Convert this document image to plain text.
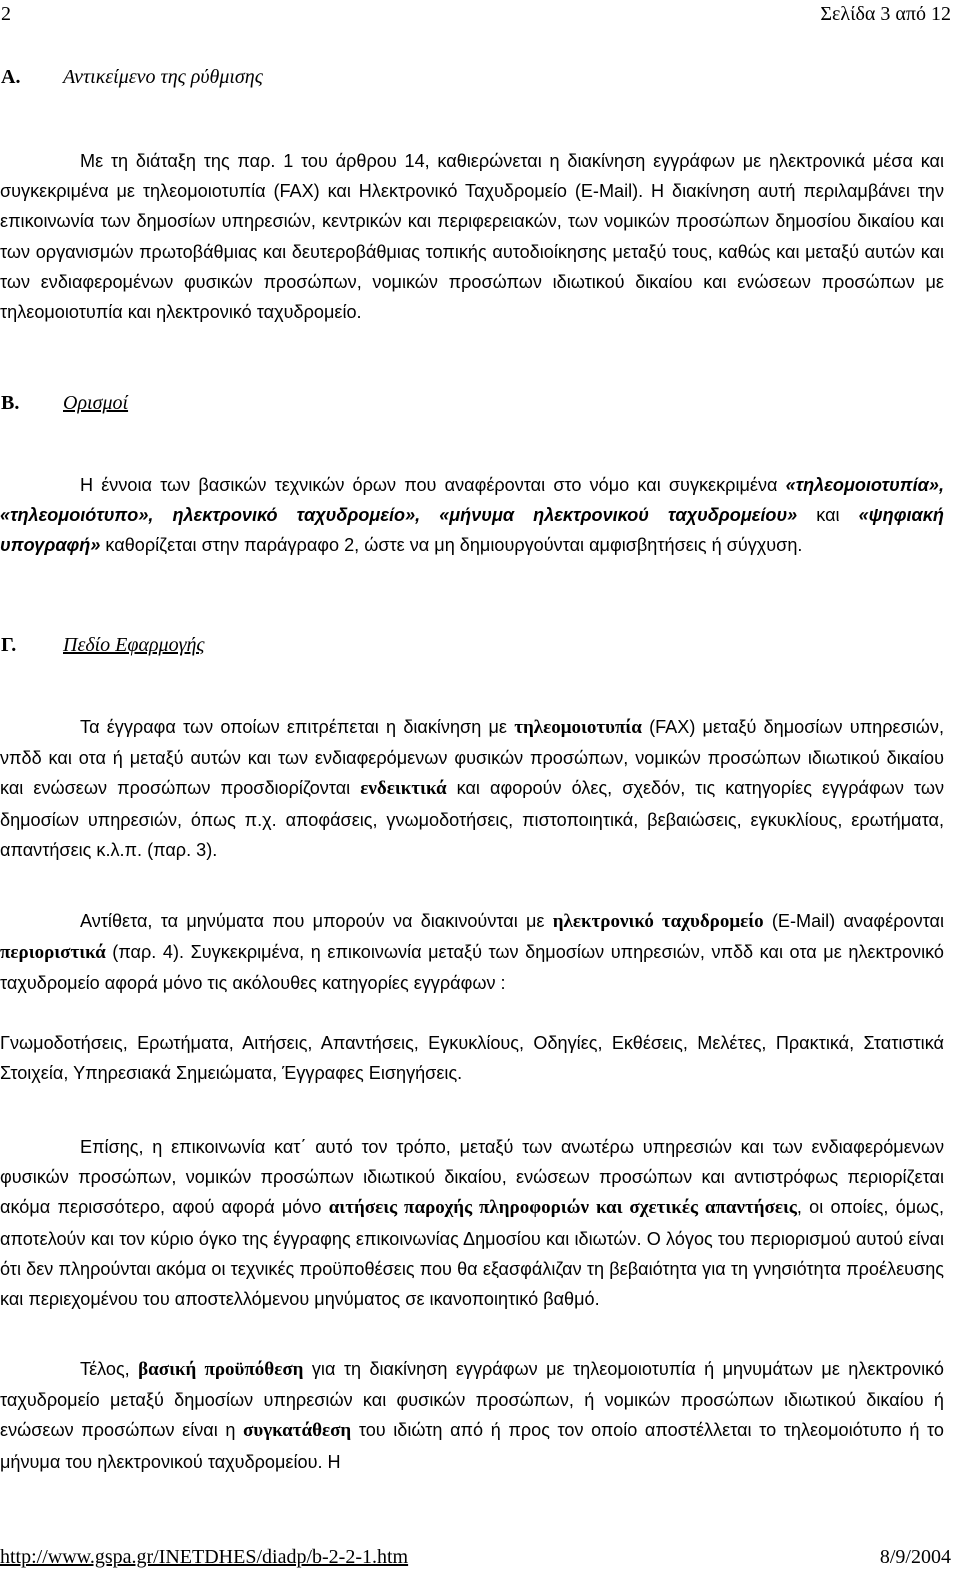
2	Σελίδα 3 από 12
Α. Αντικείμενο της ρύθμισης

Με τη διάταξη της παρ. 1 του άρθρου 14, καθιερώνεται η διακίνηση εγγράφων με ηλεκτρονικά μέσα και συγκεκριμένα με τηλεομοιοτυπία (FAX) και Ηλεκτρονικό Ταχυδρομείο (E-Mail). Η διακίνηση αυτή περιλαμβάνει την επικοινωνία των δημοσίων υπηρεσιών, κεντρικών και περιφερειακών, των νομικών προσώπων δημοσίου δικαίου και των οργανισμών πρωτοβάθμιας και δευτεροβάθμιας τοπικής αυτοδιοίκησης μεταξύ τους, καθώς και μεταξύ αυτών και των ενδιαφερομένων φυσικών προσώπων, νομικών προσώπων ιδιωτικού δικαίου και ενώσεων προσώπων με τηλεομοιοτυπία και ηλεκτρονικό ταχυδρομείο.

Β. Ορισμοί

Η έννοια των βασικών τεχνικών όρων που αναφέρονται στο νόμο και συγκεκριμένα «τηλεομοιοτυπία», «τηλεομοιότυπο», ηλεκτρονικό ταχυδρομείο», «μήνυμα ηλεκτρονικού ταχυδρομείου» και «ψηφιακή υπογραφή» καθορίζεται στην παράγραφο 2, ώστε να μη δημιουργούνται αμφισβητήσεις ή σύγχυση.

Γ. Πεδίο Εφαρμογής

Τα έγγραφα των οποίων επιτρέπεται η διακίνηση με τηλεομοιοτυπία (FAX) μεταξύ δημοσίων υπηρεσιών, νπδδ και οτα ή μεταξύ αυτών και των ενδιαφερόμενων φυσικών προσώπων, νομικών προσώπων ιδιωτικού δικαίου και ενώσεων προσώπων προσδιορίζονται ενδεικτικά και αφορούν όλες, σχεδόν, τις κατηγορίες εγγράφων των δημοσίων υπηρεσιών, όπως π.χ. αποφάσεις, γνωμοδοτήσεις, πιστοποιητικά, βεβαιώσεις, εγκυκλίους, ερωτήματα, απαντήσεις κ.λ.π. (παρ. 3).

Αντίθετα, τα μηνύματα που μπορούν να διακινούνται με ηλεκτρονικό ταχυδρομείο (E-Mail) αναφέρονται περιοριστικά (παρ. 4). Συγκεκριμένα, η επικοινωνία μεταξύ των δημοσίων υπηρεσιών, νπδδ και οτα με ηλεκτρονικό ταχυδρομείο αφορά μόνο τις ακόλουθες κατηγορίες εγγράφων :

Γνωμοδοτήσεις, Ερωτήματα, Αιτήσεις, Απαντήσεις, Εγκυκλίους, Οδηγίες, Εκθέσεις, Μελέτες, Πρακτικά, Στατιστικά Στοιχεία, Υπηρεσιακά Σημειώματα, Έγγραφες Εισηγήσεις.

Επίσης, η επικοινωνία κατ΄ αυτό τον τρόπο, μεταξύ των ανωτέρω υπηρεσιών και των ενδιαφερόμενων φυσικών προσώπων, νομικών προσώπων ιδιωτικού δικαίου, ενώσεων προσώπων και αντιστρόφως περιορίζεται ακόμα περισσότερο, αφού αφορά μόνο αιτήσεις παροχής πληροφοριών και σχετικές απαντήσεις, οι οποίες, όμως, αποτελούν και τον κύριο όγκο της έγγραφης επικοινωνίας Δημοσίου και ιδιωτών. Ο λόγος του περιορισμού αυτού είναι ότι δεν πληρούνται ακόμα οι τεχνικές προϋποθέσεις που θα εξασφάλιζαν τη βεβαιότητα για τη γνησιότητα προέλευσης και περιεχομένου του αποστελλόμενου μηνύματος σε ικανοποιητικό βαθμό.

Τέλος, βασική προϋπόθεση για τη διακίνηση εγγράφων με τηλεομοιοτυπία ή μηνυμάτων με ηλεκτρονικό ταχυδρομείο μεταξύ δημοσίων υπηρεσιών και φυσικών προσώπων, ή νομικών προσώπων ιδιωτικού δικαίου ή ενώσεων προσώπων είναι η συγκατάθεση του ιδιώτη από ή προς τον οποίο αποστέλλεται το τηλεομοιότυπο ή το μήνυμα του ηλεκτρονικού ταχυδρομείου. Η

http://www.gspa.gr/INETDHES/diadp/b-2-2-1.htm	8/9/2004
